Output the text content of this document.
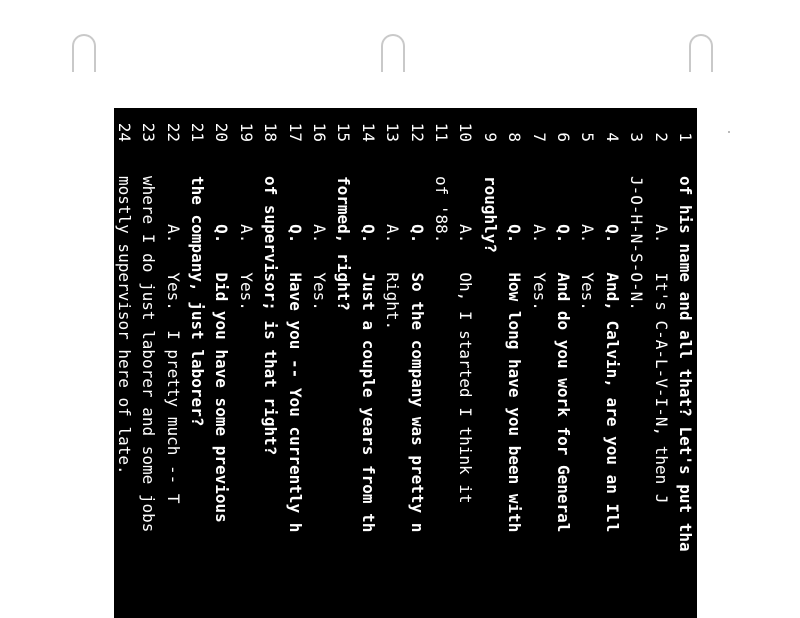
1
of his name and all that? Let's put tha
2
A.   It's C-A-L-V-I-N, then J
3
J-O-H-N-S-O-N.
4
Q.   And, Calvin, are you an Ill
5
A.   Yes.
6
Q.   And do you work for General
7
A.   Yes.
8
Q.   How long have you been with
9
roughly?
10
A.   Oh, I started I think it
11
of '88.
12
Q.   So the company was pretty n
13
A.   Right.
14
Q.   Just a couple years from th
15
formed, right?
16
A.   Yes.
17
Q.   Have you -- You currently h
18
of supervisor; is that right?
19
A.   Yes.
20
Q.   Did you have some previous
21
the company, just laborer?
22
A.   Yes.  I pretty much -- T
23
where I do just laborer and some jobs
24
mostly supervisor here of late.
